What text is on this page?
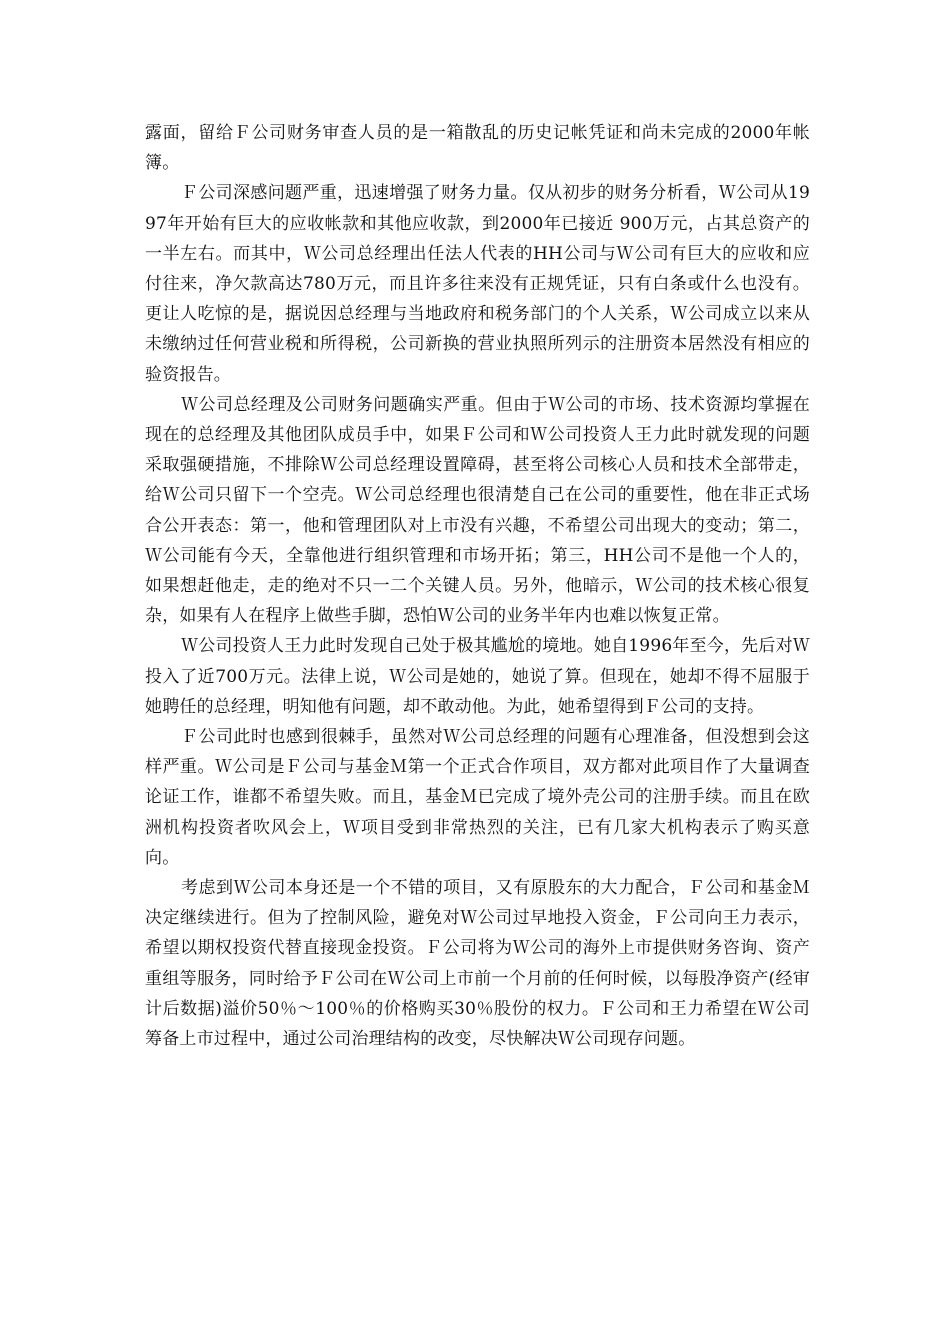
露面，留给Ｆ公司财务审查人员的是一箱散乱的历史记帐凭证和尚未完成的2000年帐簿。

Ｆ公司深感问题严重，迅速增强了财务力量。仅从初步的财务分析看，Ｗ公司从1997年开始有巨大的应收帐款和其他应收款，到2000年已接近 900万元，占其总资产的一半左右。而其中，Ｗ公司总经理出任法人代表的HH公司与Ｗ公司有巨大的应收和应付往来，净欠款高达780万元，而且许多往来没有正规凭证，只有白条或什么也没有。更让人吃惊的是，据说因总经理与当地政府和税务部门的个人关系，Ｗ公司成立以来从未缴纳过任何营业税和所得税，公司新换的营业执照所列示的注册资本居然没有相应的验资报告。

Ｗ公司总经理及公司财务问题确实严重。但由于Ｗ公司的市场、技术资源均掌握在现在的总经理及其他团队成员手中，如果Ｆ公司和Ｗ公司投资人王力此时就发现的问题采取强硬措施，不排除Ｗ公司总经理设置障碍，甚至将公司核心人员和技术全部带走，给Ｗ公司只留下一个空壳。Ｗ公司总经理也很清楚自己在公司的重要性，他在非正式场合公开表态：第一，他和管理团队对上市没有兴趣，不希望公司出现大的变动；第二，Ｗ公司能有今天，全靠他进行组织管理和市场开拓；第三，HH公司不是他一个人的，如果想赶他走，走的绝对不只一二个关键人员。另外，他暗示，Ｗ公司的技术核心很复杂，如果有人在程序上做些手脚，恐怕Ｗ公司的业务半年内也难以恢复正常。

Ｗ公司投资人王力此时发现自己处于极其尴尬的境地。她自1996年至今，先后对Ｗ投入了近700万元。法律上说，Ｗ公司是她的，她说了算。但现在，她却不得不屈服于她聘任的总经理，明知他有问题，却不敢动他。为此，她希望得到Ｆ公司的支持。

Ｆ公司此时也感到很棘手，虽然对Ｗ公司总经理的问题有心理准备，但没想到会这样严重。Ｗ公司是Ｆ公司与基金Ｍ第一个正式合作项目，双方都对此项目作了大量调查论证工作，谁都不希望失败。而且，基金Ｍ已完成了境外壳公司的注册手续。而且在欧洲机构投资者吹风会上，Ｗ项目受到非常热烈的关注，已有几家大机构表示了购买意向。

考虑到Ｗ公司本身还是一个不错的项目，又有原股东的大力配合，Ｆ公司和基金Ｍ决定继续进行。但为了控制风险，避免对Ｗ公司过早地投入资金，Ｆ公司向王力表示，希望以期权投资代替直接现金投资。Ｆ公司将为Ｗ公司的海外上市提供财务咨询、资产重组等服务，同时给予Ｆ公司在Ｗ公司上市前一个月前的任何时候，以每股净资产(经审计后数据)溢价50％～100％的价格购买30％股份的权力。Ｆ公司和王力希望在Ｗ公司筹备上市过程中，通过公司治理结构的改变，尽快解决Ｗ公司现存问题。
